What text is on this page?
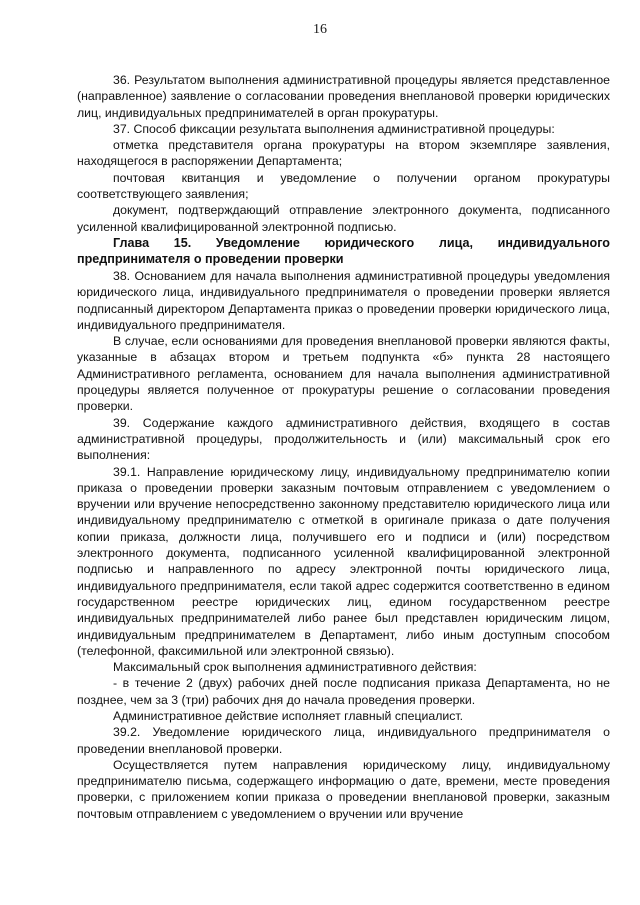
16

36. Результатом выполнения административной процедуры является представленное (направленное) заявление о согласовании проведения внеплановой проверки юридических лиц, индивидуальных предпринимателей в орган прокуратуры.

37. Способ фиксации результата выполнения административной процедуры:

отметка представителя органа прокуратуры на втором экземпляре заявления, находящегося в распоряжении Департамента;

почтовая квитанция и уведомление о получении органом прокуратуры соответствующего заявления;

документ, подтверждающий отправление электронного документа, подписанного усиленной квалифицированной электронной подписью.

Глава 15. Уведомление юридического лица, индивидуального предпринимателя о проведении проверки

38. Основанием для начала выполнения административной процедуры уведомления юридического лица, индивидуального предпринимателя о проведении проверки является подписанный директором Департамента приказ о проведении проверки юридического лица, индивидуального предпринимателя.

В случае, если основаниями для проведения внеплановой проверки являются факты, указанные в абзацах втором и третьем подпункта «б» пункта 28 настоящего Административного регламента, основанием для начала выполнения административной процедуры является полученное от прокуратуры решение о согласовании проведения проверки.

39. Содержание каждого административного действия, входящего в состав административной процедуры, продолжительность и (или) максимальный срок его выполнения:

39.1. Направление юридическому лицу, индивидуальному предпринимателю копии приказа о проведении проверки заказным почтовым отправлением с уведомлением о вручении или вручение непосредственно законному представителю юридического лица или индивидуальному предпринимателю с отметкой в оригинале приказа о дате получения копии приказа, должности лица, получившего его и подписи и (или) посредством электронного документа, подписанного усиленной квалифицированной электронной подписью и направленного по адресу электронной почты юридического лица, индивидуального предпринимателя, если такой адрес содержится соответственно в едином государственном реестре юридических лиц, едином государственном реестре индивидуальных предпринимателей либо ранее был представлен юридическим лицом, индивидуальным предпринимателем в Департамент, либо иным доступным способом (телефонной, факсимильной или электронной связью).

Максимальный срок выполнения административного действия:

- в течение 2 (двух) рабочих дней после подписания приказа Департамента, но не позднее, чем за 3 (три) рабочих дня до начала проведения проверки.

Административное действие исполняет главный специалист.

39.2. Уведомление юридического лица, индивидуального предпринимателя о проведении внеплановой проверки.

Осуществляется путем направления юридическому лицу, индивидуальному предпринимателю письма, содержащего информацию о дате, времени, месте проведения проверки, с приложением копии приказа о проведении внеплановой проверки, заказным почтовым отправлением с уведомлением о вручении или вручение
